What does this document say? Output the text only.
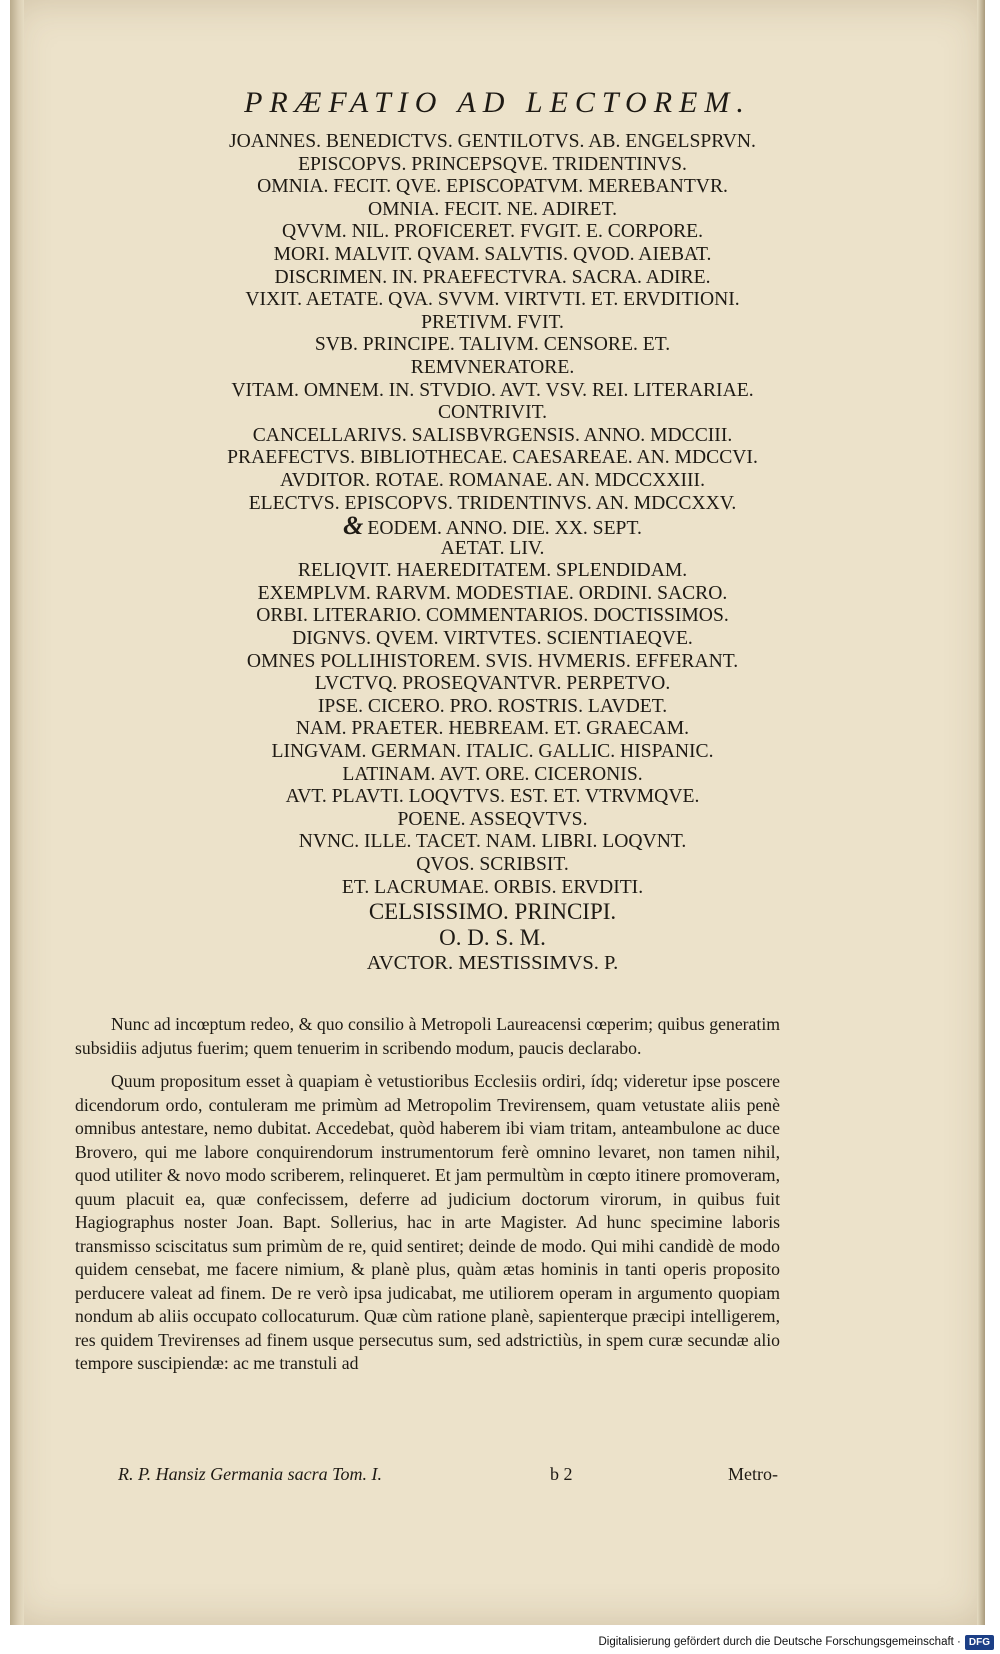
PRÆFATIO AD LECTOREM.
JOANNES. BENEDICTVS. GENTILOTVS. AB. ENGELSPRVN.
EPISCOPVS. PRINCEPSQVE. TRIDENTINVS.
OMNIA. FECIT. QVE. EPISCOPATVM. MEREBANTVR.
OMNIA. FECIT. NE. ADIRET.
QVVM. NIL. PROFICERET. FVGIT. E. CORPORE.
MORI. MALVIT. QVAM. SALVTIS. QVOD. AIEBAT.
DISCRIMEN. IN. PRAEFECTVRA. SACRA. ADIRE.
VIXIT. AETATE. QVA. SVVM. VIRTVTI. ET. ERVDITIONI.
PRETIVM. FVIT.
SVB. PRINCIPE. TALIVM. CENSORE. ET.
REMVNERATORE.
VITAM. OMNEM. IN. STVDIO. AVT. VSV. REI. LITERARIAE.
CONTRIVIT.
CANCELLARIVS. SALISBVRGENSIS. ANNO. MDCCIII.
PRAEFECTVS. BIBLIOTHECAE. CAESAREAE. AN. MDCCVI.
AVDITOR. ROTAE. ROMANAE. AN. MDCCXXIII.
ELECTVS. EPISCOPVS. TRIDENTINVS. AN. MDCCXXV.
& EODEM. ANNO. DIE. XX. SEPT.
AETAT. LIV.
RELIQVIT. HAEREDITATEM. SPLENDIDAM.
EXEMPLVM. RARVM. MODESTIAE. ORDINI. SACRO.
ORBI. LITERARIO. COMMENTARIOS. DOCTISSIMOS.
DIGNVS. QVEM. VIRTVTES. SCIENTIAEQVE.
OMNES POLLIHISTOREM. SVIS. HVMERIS. EFFERANT.
LVCTVQ. PROSEQVANTVR. PERPETVO.
IPSE. CICERO. PRO. ROSTRIS. LAVDET.
NAM. PRAETER. HEBREAM. ET. GRAECAM.
LINGVAM. GERMAN. ITALIC. GALLIC. HISPANIC.
LATINAM. AVT. ORE. CICERONIS.
AVT. PLAVTI. LOQVTVS. EST. ET. VTRVMQVE.
POENE. ASSEQVTVS.
NVNC. ILLE. TACET. NAM. LIBRI. LOQVNT.
QVOS. SCRIBSIT.
ET. LACRUMAE. ORBIS. ERVDITI.
CELSISSIMO. PRINCIPI.
O. D. S. M.
AVCTOR. MESTISSIMVS. P.

Nunc ad incœptum redeo, & quo consilio à Metropoli Laureacensi cœperim; quibus generatim subsidiis adjutus fuerim; quem tenuerim in scribendo modum, paucis declarabo.

Quum propositum esset à quapiam è vetustioribus Ecclesiis ordiri, ídq; videretur ipse poscere dicendorum ordo, contuleram me primùm ad Metropolim Trevirensem, quam vetustate aliis penè omnibus antestare, nemo dubitat. Accedebat, quòd haberem ibi viam tritam, anteambulone ac duce Brovero, qui me labore conquirendorum instrumentorum ferè omnino levaret, non tamen nihil, quod utiliter & novo modo scriberem, relinqueret. Et jam permultùm in cœpto itinere promoveram, quum placuit ea, quæ confecissem, deferre ad judicium doctorum virorum, in quibus fuit Hagiographus noster Joan. Bapt. Sollerius, hac in arte Magister. Ad hunc specimine laboris transmisso sciscitatus sum primùm de re, quid sentiret; deinde de modo. Qui mihi candidè de modo quidem censebat, me facere nimium, & planè plus, quàm ætas hominis in tanti operis proposito perducere valeat ad finem. De re verò ipsa judicabat, me utiliorem operam in argumento quopiam nondum ab aliis occupato collocaturum. Quæ cùm ratione planè, sapienterque præcipi intelligerem, res quidem Trevirenses ad finem usque persecutus sum, sed adstrictiùs, in spem curæ secundæ alio tempore suscipiendæ: ac me transtuli ad

R. P. Hansiz Germania sacra Tom. I.	b 2	Metro-
Digitalisierung gefördert durch die Deutsche Forschungsgemeinschaft · DFG
